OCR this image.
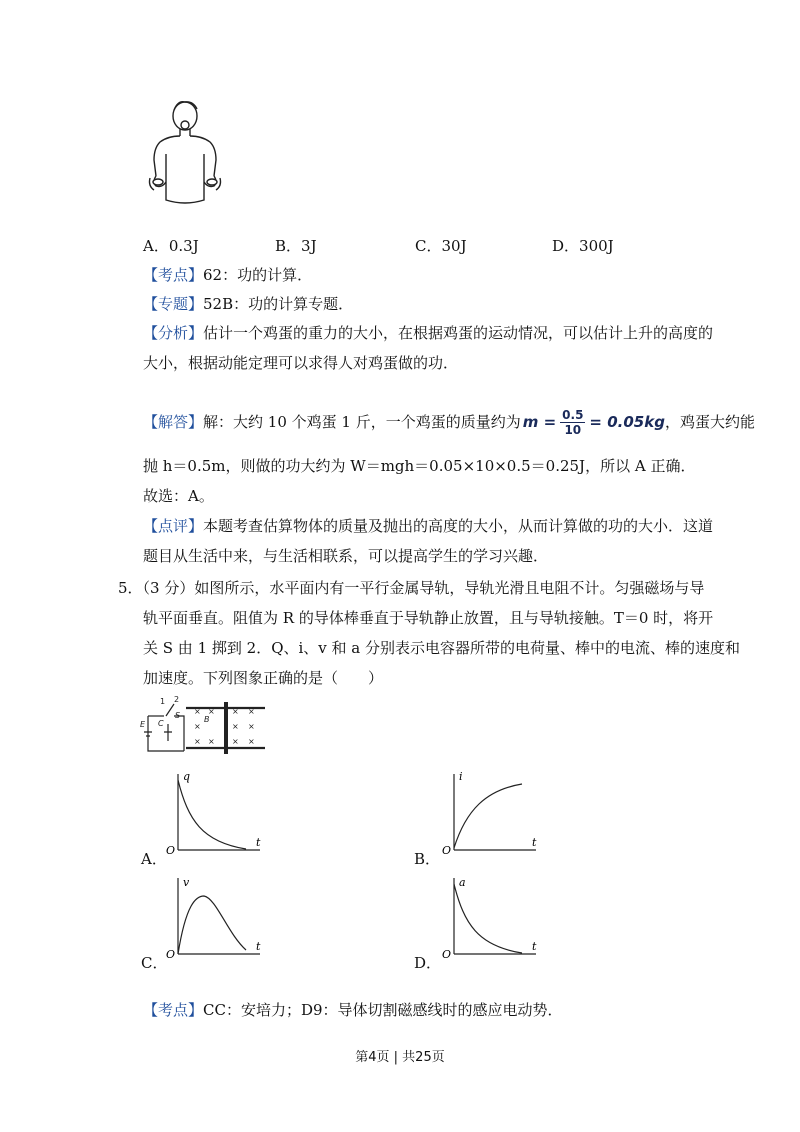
A．0.3J	B．3J	C．30J	D．300J
【考点】62：功的计算．
【专题】52B：功的计算专题．
【分析】估计一个鸡蛋的重力的大小，在根据鸡蛋的运动情况，可以估计上升的高度的
大小，根据动能定理可以求得人对鸡蛋做的功．
【解答】 解：大约 10 个鸡蛋 1 斤，一个鸡蛋的质量约为 $m = \frac{0.5}{10} = 0.05kg$ ，鸡蛋大约能
抛 h＝0.5m，则做的功大约为 W＝mgh＝0.05×10×0.5＝0.25J，所以 A 正确．
故选：A。
【点评】本题考查估算物体的质量及抛出的高度的大小，从而计算做的功的大小．这道
题目从生活中来，与生活相联系，可以提高学生的学习兴趣．
5．（3 分）如图所示，水平面内有一平行金属导轨，导轨光滑且电阻不计。匀强磁场与导
轨平面垂直。阻值为 R 的导体棒垂直于导轨静止放置，且与导轨接触。T＝0 时，将开
关 S 由 1 掷到 2．Q、i、v 和 a 分别表示电容器所带的电荷量、棒中的电流、棒的速度和
加速度。下列图象正确的是（　　）
1 2
E C
S	B
× × × ×
×	× ×
× × × ×
A．
q
t
O	B．
i
t
O
C．
v
t
O	D．
a
t
O
【考点】CC：安培力；D9：导体切割磁感线时的感应电动势．
第4页 | 共25页
